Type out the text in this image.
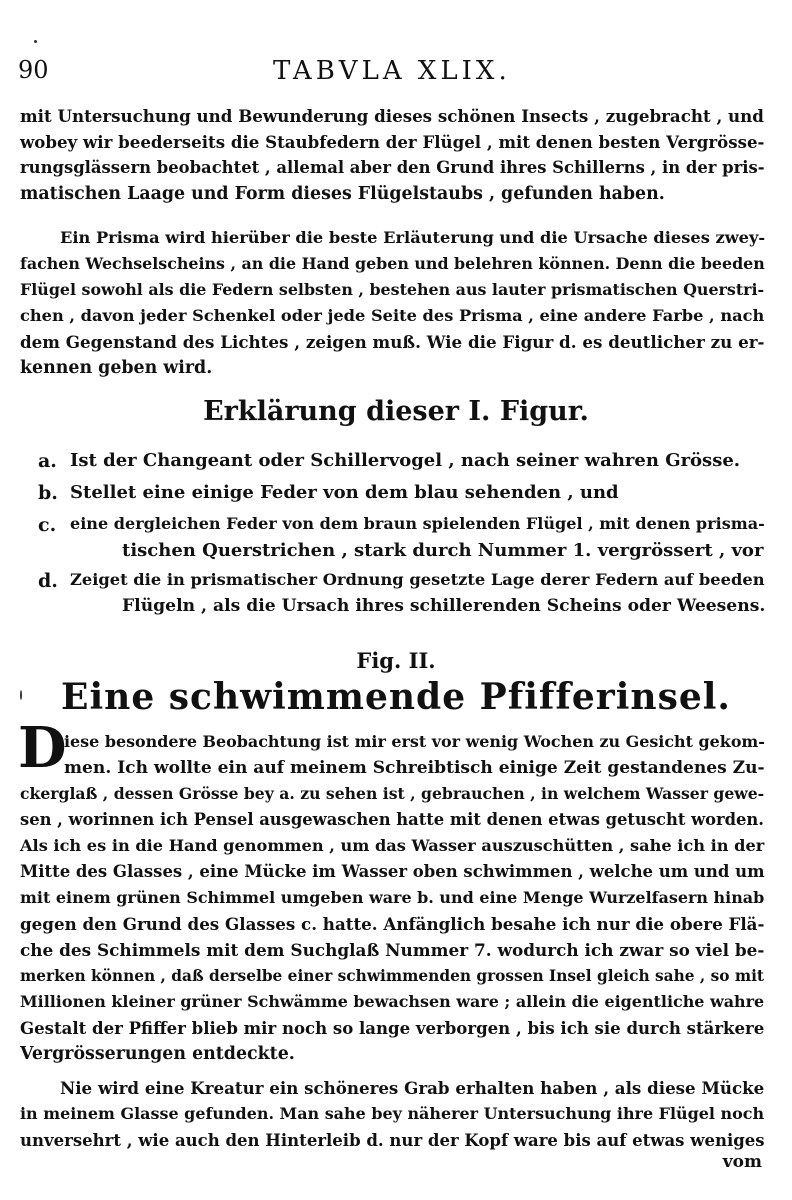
90	TABVLA XLIX.
mit Untersuchung und Bewunderung dieses schönen Insects , zugebracht , und
wobey wir beederseits die Staubfedern der Flügel , mit denen besten Vergrösse-
rungsglässern beobachtet , allemal aber den Grund ihres Schillerns , in der pris-
matischen Laage und Form dieses Flügelstaubs , gefunden haben.
Ein Prisma wird hierüber die beste Erläuterung und die Ursache dieses zwey-
fachen Wechselscheins , an die Hand geben und belehren können. Denn die beeden
Flügel sowohl als die Federn selbsten , bestehen aus lauter prismatischen Querstri-
chen , davon jeder Schenkel oder jede Seite des Prisma , eine andere Farbe , nach
dem Gegenstand des Lichtes , zeigen muß. Wie die Figur d. es deutlicher zu er-
kennen geben wird.
Erklärung dieser I. Figur.
a. Ist der Changeant oder Schillervogel , nach seiner wahren Grösse.
b. Stellet eine einige Feder von dem blau sehenden , und
c. eine dergleichen Feder von dem braun spielenden Flügel , mit denen prisma-
tischen Querstrichen , stark durch Nummer 1. vergrössert , vor
d. Zeiget die in prismatischer Ordnung gesetzte Lage derer Federn auf beeden
Flügeln , als die Ursach ihres schillerenden Scheins oder Weesens.
Fig. II.
Eine schwimmende Pfifferinsel.
D
iese besondere Beobachtung ist mir erst vor wenig Wochen zu Gesicht gekom-
men. Ich wollte ein auf meinem Schreibtisch einige Zeit gestandenes Zu-
ckerglaß , dessen Grösse bey a. zu sehen ist , gebrauchen , in welchem Wasser gewe-
sen , worinnen ich Pensel ausgewaschen hatte mit denen etwas getuscht worden.
Als ich es in die Hand genommen , um das Wasser auszuschütten , sahe ich in der
Mitte des Glasses , eine Mücke im Wasser oben schwimmen , welche um und um
mit einem grünen Schimmel umgeben ware b. und eine Menge Wurzelfasern hinab
gegen den Grund des Glasses c. hatte. Anfänglich besahe ich nur die obere Flä-
che des Schimmels mit dem Suchglaß Nummer 7. wodurch ich zwar so viel be-
merken können , daß derselbe einer schwimmenden grossen Insel gleich sahe , so mit
Millionen kleiner grüner Schwämme bewachsen ware ; allein die eigentliche wahre
Gestalt der Pfiffer blieb mir noch so lange verborgen , bis ich sie durch stärkere
Vergrösserungen entdeckte.
Nie wird eine Kreatur ein schöneres Grab erhalten haben , als diese Mücke
in meinem Glasse gefunden. Man sahe bey näherer Untersuchung ihre Flügel noch
unversehrt , wie auch den Hinterleib d. nur der Kopf ware bis auf etwas weniges
vom
